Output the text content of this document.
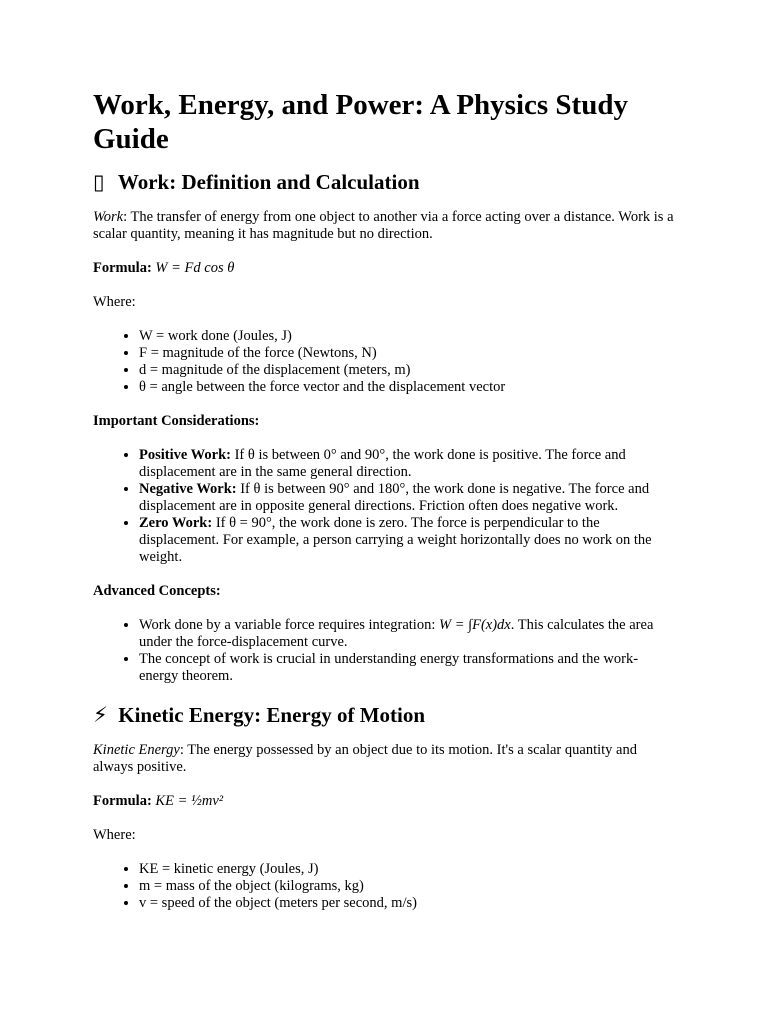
Work, Energy, and Power: A Physics Study Guide
▯ Work: Definition and Calculation

Work: The transfer of energy from one object to another via a force acting over a distance. Work is a scalar quantity, meaning it has magnitude but no direction.

Formula: W = Fd cos θ

Where:

• W = work done (Joules, J)
• F = magnitude of the force (Newtons, N)
• d = magnitude of the displacement (meters, m)
• θ = angle between the force vector and the displacement vector

Important Considerations:

• Positive Work: If θ is between 0° and 90°, the work done is positive. The force and displacement are in the same general direction.
• Negative Work: If θ is between 90° and 180°, the work done is negative. The force and displacement are in opposite general directions. Friction often does negative work.
• Zero Work: If θ = 90°, the work done is zero. The force is perpendicular to the displacement. For example, a person carrying a weight horizontally does no work on the weight.

Advanced Concepts:

• Work done by a variable force requires integration: W = ∫F(x)dx. This calculates the area under the force-displacement curve.
• The concept of work is crucial in understanding energy transformations and the work-energy theorem.
⚡ Kinetic Energy: Energy of Motion

Kinetic Energy: The energy possessed by an object due to its motion. It's a scalar quantity and always positive.

Formula: KE = ½mv²

Where:

• KE = kinetic energy (Joules, J)
• m = mass of the object (kilograms, kg)
• v = speed of the object (meters per second, m/s)
